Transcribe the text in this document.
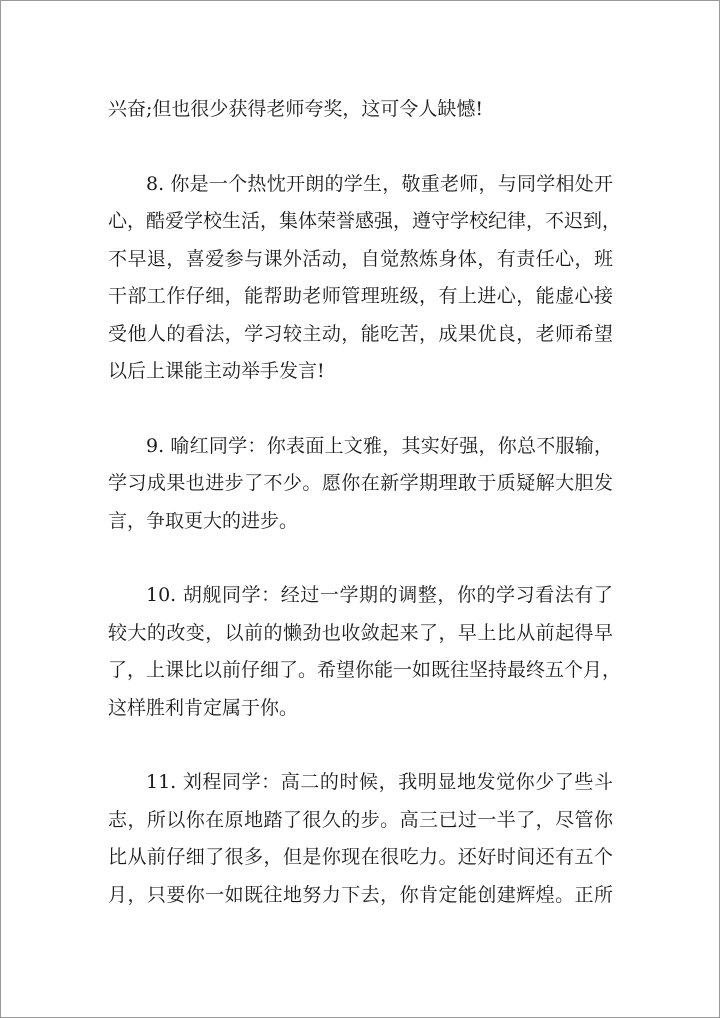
兴奋;但也很少获得老师夸奖，这可令人缺憾!

8. 你是一个热忱开朗的学生，敬重老师，与同学相处开
心，酷爱学校生活，集体荣誉感强，遵守学校纪律，不迟到，
不早退，喜爱参与课外活动，自觉熬炼身体，有责任心，班
干部工作仔细，能帮助老师管理班级，有上进心，能虚心接
受他人的看法，学习较主动，能吃苦，成果优良，老师希望
以后上课能主动举手发言!

9. 喻红同学：你表面上文雅，其实好强，你总不服输，
学习成果也进步了不少。愿你在新学期理敢于质疑解大胆发
言，争取更大的进步。

10. 胡舰同学：经过一学期的调整，你的学习看法有了
较大的改变，以前的懒劲也收敛起来了，早上比从前起得早
了，上课比以前仔细了。希望你能一如既往坚持最终五个月，
这样胜利肯定属于你。

11. 刘程同学：高二的时候，我明显地发觉你少了些斗
志，所以你在原地踏了很久的步。高三已过一半了，尽管你
比从前仔细了很多，但是你现在很吃力。还好时间还有五个
月，只要你一如既往地努力下去，你肯定能创建辉煌。正所
